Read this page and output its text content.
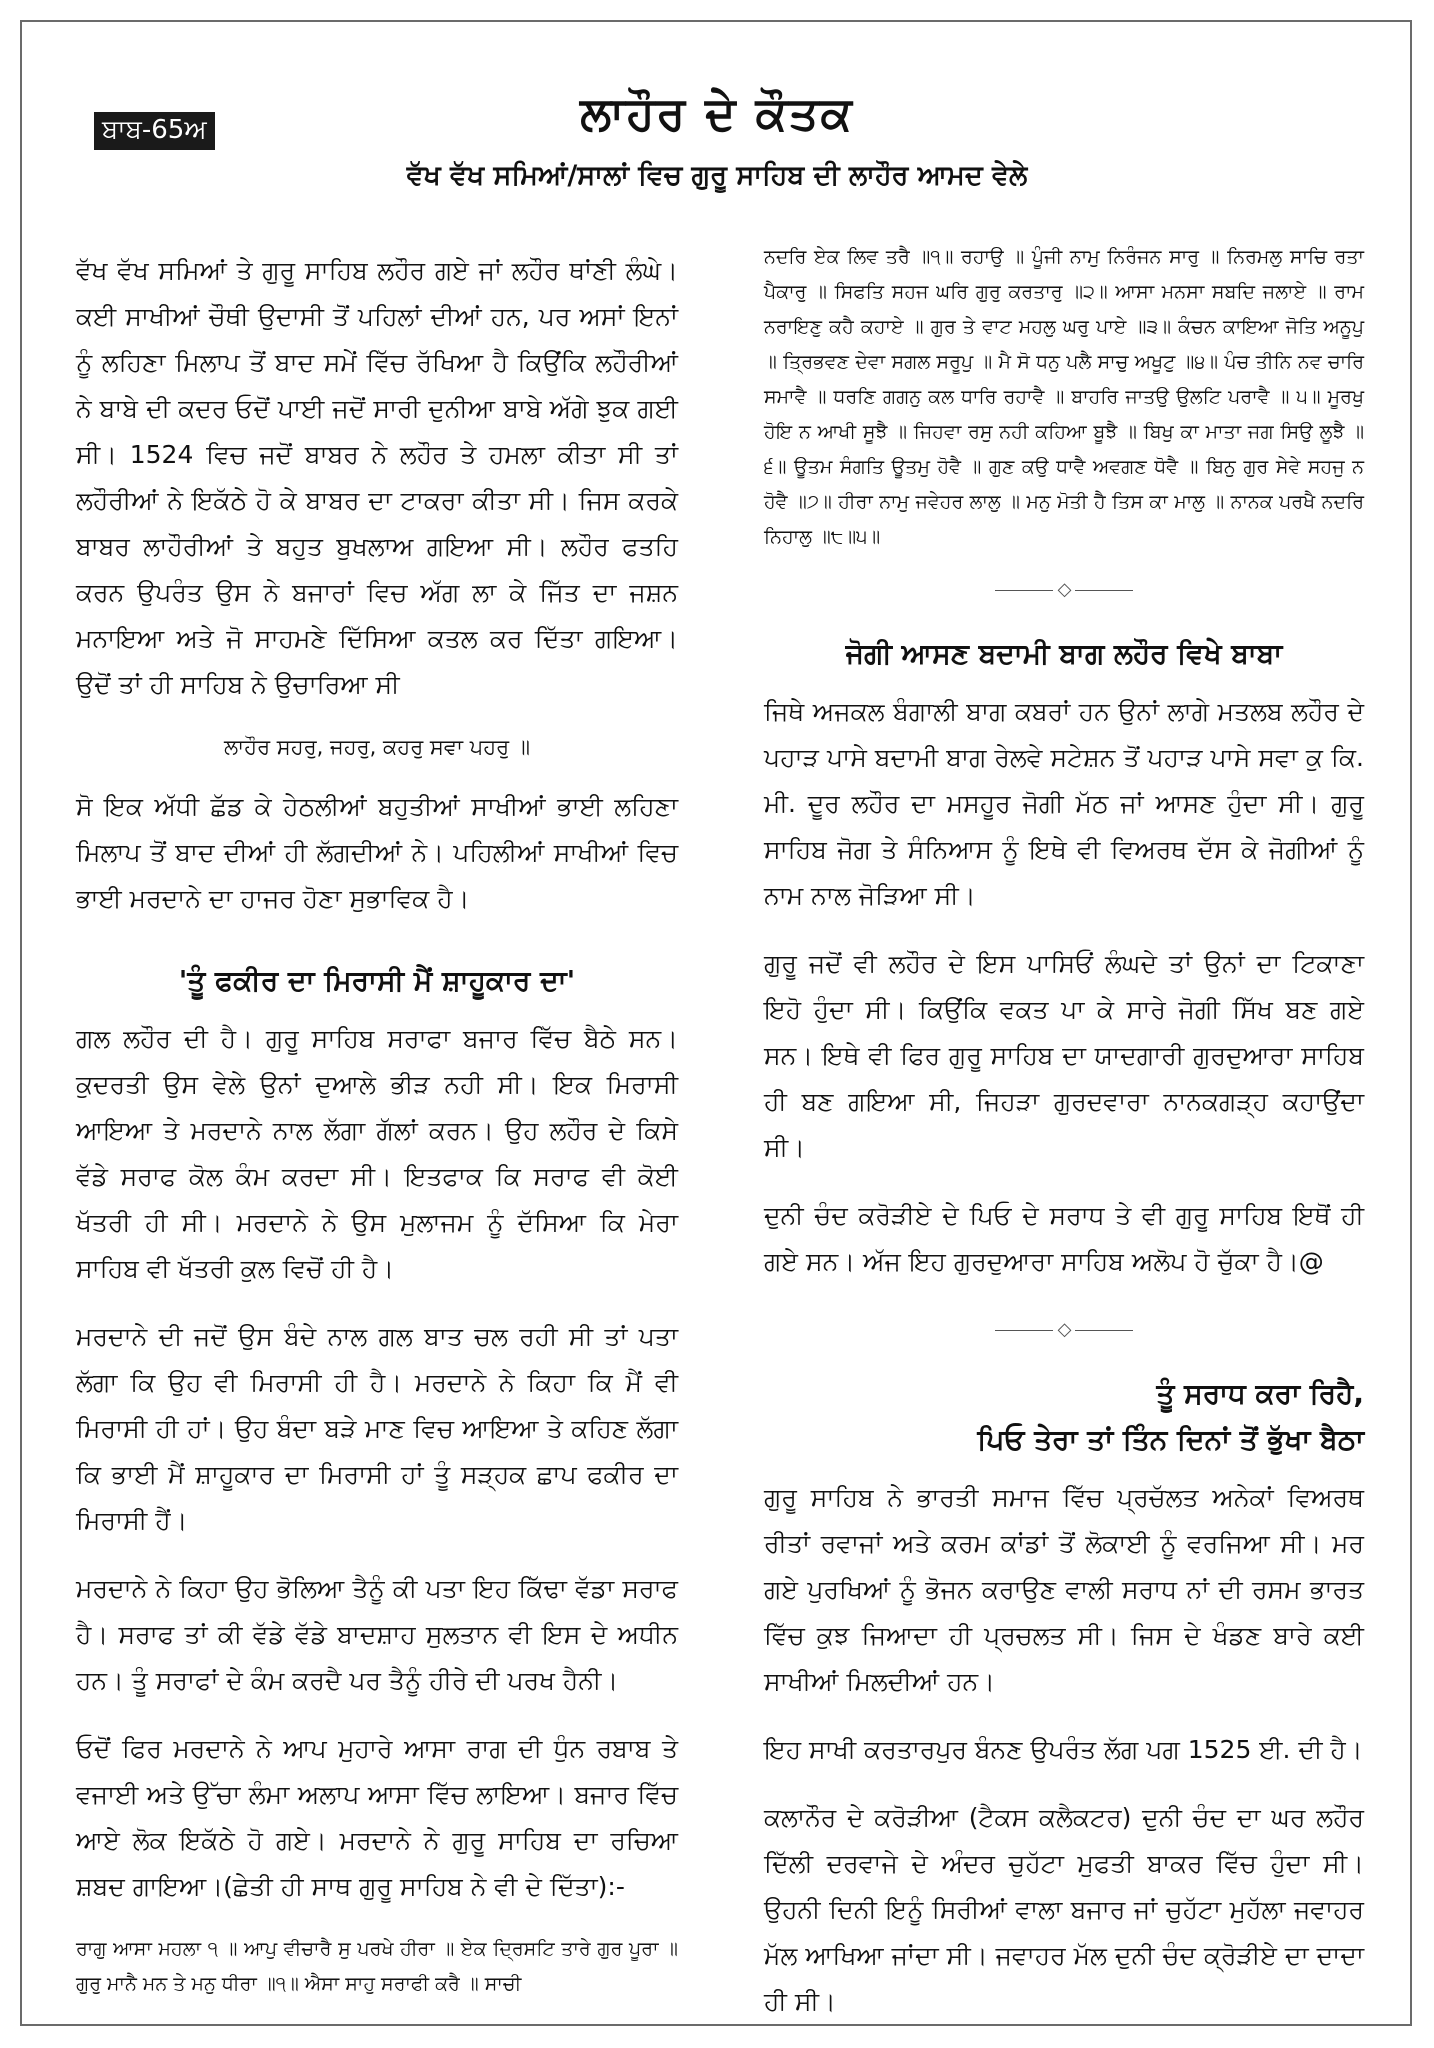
ਬਾਬ-65ਅ	ਲਾਹੌਰ ਦੇ ਕੌਤਕ
ਵੱਖ ਵੱਖ ਸਮਿਆਂ/ਸਾਲਾਂ ਵਿਚ ਗੁਰੂ ਸਾਹਿਬ ਦੀ ਲਾਹੌਰ ਆਮਦ ਵੇਲੇ

ਵੱਖ ਵੱਖ ਸਮਿਆਂ ਤੇ ਗੁਰੂ ਸਾਹਿਬ ਲਹੌਰ ਗਏ ਜਾਂ ਲਹੌਰ ਥਾਂਣੀ ਲੰਘੇ। ਕਈ ਸਾਖੀਆਂ ਚੌਥੀ ਉਦਾਸੀ ਤੋਂ ਪਹਿਲਾਂ ਦੀਆਂ ਹਨ, ਪਰ ਅਸਾਂ ਇਨਾਂ ਨੂੰ ਲਹਿਣਾ ਮਿਲਾਪ ਤੋਂ ਬਾਦ ਸਮੇਂ ਵਿੱਚ ਰੱਖਿਆ ਹੈ ਕਿਉਂਕਿ ਲਹੌਰੀਆਂ ਨੇ ਬਾਬੇ ਦੀ ਕਦਰ ਓਦੋਂ ਪਾਈ ਜਦੋਂ ਸਾਰੀ ਦੁਨੀਆ ਬਾਬੇ ਅੱਗੇ ਝੁਕ ਗਈ ਸੀ। 1524 ਵਿਚ ਜਦੋਂ ਬਾਬਰ ਨੇ ਲਹੌਰ ਤੇ ਹਮਲਾ ਕੀਤਾ ਸੀ ਤਾਂ ਲਹੌਰੀਆਂ ਨੇ ਇਕੱਠੇ ਹੋ ਕੇ ਬਾਬਰ ਦਾ ਟਾਕਰਾ ਕੀਤਾ ਸੀ। ਜਿਸ ਕਰਕੇ ਬਾਬਰ ਲਾਹੌਰੀਆਂ ਤੇ ਬਹੁਤ ਬੁਖਲਾਅ ਗਇਆ ਸੀ। ਲਹੌਰ ਫਤਹਿ ਕਰਨ ਉਪਰੰਤ ਉਸ ਨੇ ਬਜਾਰਾਂ ਵਿਚ ਅੱਗ ਲਾ ਕੇ ਜਿੱਤ ਦਾ ਜਸ਼ਨ ਮਨਾਇਆ ਅਤੇ ਜੋ ਸਾਹਮਣੇ ਦਿੱਸਿਆ ਕਤਲ ਕਰ ਦਿੱਤਾ ਗਇਆ। ਉਦੋਂ ਤਾਂ ਹੀ ਸਾਹਿਬ ਨੇ ਉਚਾਰਿਆ ਸੀ

ਲਾਹੌਰ ਸਹਰੁ, ਜਹਰੁ, ਕਹਰੁ ਸਵਾ ਪਹਰੁ ॥

ਸੋ ਇਕ ਅੱਧੀ ਛੱਡ ਕੇ ਹੇਠਲੀਆਂ ਬਹੁਤੀਆਂ ਸਾਖੀਆਂ ਭਾਈ ਲਹਿਣਾ ਮਿਲਾਪ ਤੋਂ ਬਾਦ ਦੀਆਂ ਹੀ ਲੱਗਦੀਆਂ ਨੇ। ਪਹਿਲੀਆਂ ਸਾਖੀਆਂ ਵਿਚ ਭਾਈ ਮਰਦਾਨੇ ਦਾ ਹਾਜਰ ਹੋਣਾ ਸੁਭਾਵਿਕ ਹੈ।

'ਤੂੰ ਫਕੀਰ ਦਾ ਮਿਰਾਸੀ ਮੈਂ ਸ਼ਾਹੂਕਾਰ ਦਾ'

ਗਲ ਲਹੌਰ ਦੀ ਹੈ। ਗੁਰੂ ਸਾਹਿਬ ਸਰਾਫਾ ਬਜਾਰ ਵਿੱਚ ਬੈਠੇ ਸਨ। ਕੁਦਰਤੀ ਉਸ ਵੇਲੇ ਉਨਾਂ ਦੁਆਲੇ ਭੀੜ ਨਹੀ ਸੀ। ਇਕ ਮਿਰਾਸੀ ਆਇਆ ਤੇ ਮਰਦਾਨੇ ਨਾਲ ਲੱਗਾ ਗੱਲਾਂ ਕਰਨ। ਉਹ ਲਹੌਰ ਦੇ ਕਿਸੇ ਵੱਡੇ ਸਰਾਫ ਕੋਲ ਕੰਮ ਕਰਦਾ ਸੀ। ਇਤਫਾਕ ਕਿ ਸਰਾਫ ਵੀ ਕੋਈ ਖੱਤਰੀ ਹੀ ਸੀ। ਮਰਦਾਨੇ ਨੇ ਉਸ ਮੁਲਾਜਮ ਨੂੰ ਦੱਸਿਆ ਕਿ ਮੇਰਾ ਸਾਹਿਬ ਵੀ ਖੱਤਰੀ ਕੁਲ ਵਿਚੋਂ ਹੀ ਹੈ।

ਮਰਦਾਨੇ ਦੀ ਜਦੋਂ ਉਸ ਬੰਦੇ ਨਾਲ ਗਲ ਬਾਤ ਚਲ ਰਹੀ ਸੀ ਤਾਂ ਪਤਾ ਲੱਗਾ ਕਿ ਉਹ ਵੀ ਮਿਰਾਸੀ ਹੀ ਹੈ। ਮਰਦਾਨੇ ਨੇ ਕਿਹਾ ਕਿ ਮੈਂ ਵੀ ਮਿਰਾਸੀ ਹੀ ਹਾਂ। ਉਹ ਬੰਦਾ ਬੜੇ ਮਾਣ ਵਿਚ ਆਇਆ ਤੇ ਕਹਿਣ ਲੱਗਾ ਕਿ ਭਾਈ ਮੈਂ ਸ਼ਾਹੂਕਾਰ ਦਾ ਮਿਰਾਸੀ ਹਾਂ ਤੂੰ ਸੜ੍ਹਕ ਛਾਪ ਫਕੀਰ ਦਾ ਮਿਰਾਸੀ ਹੈਂ।

ਮਰਦਾਨੇ ਨੇ ਕਿਹਾ ਉਹ ਭੋਲਿਆ ਤੈਨੂੰ ਕੀ ਪਤਾ ਇਹ ਕਿੱਢਾ ਵੱਡਾ ਸਰਾਫ ਹੈ। ਸਰਾਫ ਤਾਂ ਕੀ ਵੱਡੇ ਵੱਡੇ ਬਾਦਸ਼ਾਹ ਸੁਲਤਾਨ ਵੀ ਇਸ ਦੇ ਅਧੀਨ ਹਨ। ਤੂੰ ਸਰਾਫਾਂ ਦੇ ਕੰਮ ਕਰਦੈ ਪਰ ਤੈਨੂੰ ਹੀਰੇ ਦੀ ਪਰਖ ਹੈਨੀ।

ਓਦੋਂ ਫਿਰ ਮਰਦਾਨੇ ਨੇ ਆਪ ਮੁਹਾਰੇ ਆਸਾ ਰਾਗ ਦੀ ਧੁੰਨ ਰਬਾਬ ਤੇ ਵਜਾਈ ਅਤੇ ਉੱਚਾ ਲੰਮਾ ਅਲਾਪ ਆਸਾ ਵਿੱਚ ਲਾਇਆ। ਬਜਾਰ ਵਿੱਚ ਆਏ ਲੋਕ ਇਕੱਠੇ ਹੋ ਗਏ। ਮਰਦਾਨੇ ਨੇ ਗੁਰੂ ਸਾਹਿਬ ਦਾ ਰਚਿਆ ਸ਼ਬਦ ਗਾਇਆ।(ਛੇਤੀ ਹੀ ਸਾਥ ਗੁਰੂ ਸਾਹਿਬ ਨੇ ਵੀ ਦੇ ਦਿੱਤਾ):-

ਰਾਗੁ ਆਸਾ ਮਹਲਾ ੧ ॥ ਆਪੁ ਵੀਚਾਰੈ ਸੁ ਪਰਖੇ ਹੀਰਾ ॥ ਏਕ ਦ੍ਰਿਸਟਿ ਤਾਰੇ ਗੁਰ ਪੂਰਾ ॥ ਗੁਰੁ ਮਾਨੈ ਮਨ ਤੇ ਮਨੁ ਧੀਰਾ ॥੧॥ ਐਸਾ ਸਾਹੁ ਸਰਾਫੀ ਕਰੈ ॥ ਸਾਚੀ
ਨਦਰਿ ਏਕ ਲਿਵ ਤਰੈ ॥੧॥ ਰਹਾਉ ॥ ਪੂੰਜੀ ਨਾਮੁ ਨਿਰੰਜਨ ਸਾਰੁ ॥ ਨਿਰਮਲੁ ਸਾਚਿ ਰਤਾ ਪੈਕਾਰੁ ॥ ਸਿਫਤਿ ਸਹਜ ਘਰਿ ਗੁਰੁ ਕਰਤਾਰੁ ॥੨॥ ਆਸਾ ਮਨਸਾ ਸਬਦਿ ਜਲਾਏ ॥ ਰਾਮ ਨਰਾਇਣੁ ਕਹੈ ਕਹਾਏ ॥ ਗੁਰ ਤੇ ਵਾਟ ਮਹਲੁ ਘਰੁ ਪਾਏ ॥੩॥ ਕੰਚਨ ਕਾਇਆ ਜੋਤਿ ਅਨੂਪੁ ॥ ਤ੍ਰਿਭਵਣ ਦੇਵਾ ਸਗਲ ਸਰੂਪੁ ॥ ਮੈ ਸੋ ਧਨੁ ਪਲੈ ਸਾਚੁ ਅਖੂਟੁ ॥੪॥ ਪੰਚ ਤੀਨਿ ਨਵ ਚਾਰਿ ਸਮਾਵੈ ॥ ਧਰਣਿ ਗਗਨੁ ਕਲ ਧਾਰਿ ਰਹਾਵੈ ॥ ਬਾਹਰਿ ਜਾਤਉ ਉਲਟਿ ਪਰਾਵੈ ॥ ੫॥ ਮੂਰਖੁ ਹੋਇ ਨ ਆਖੀ ਸੂਝੈ ॥ ਜਿਹਵਾ ਰਸੁ ਨਹੀ ਕਹਿਆ ਬੂਝੈ ॥ ਬਿਖੁ ਕਾ ਮਾਤਾ ਜਗ ਸਿਉ ਲੂਝੈ ॥੬॥ ਊਤਮ ਸੰਗਤਿ ਊਤਮੁ ਹੋਵੈ ॥ ਗੁਣ ਕਉ ਧਾਵੈ ਅਵਗਣ ਧੋਵੈ ॥ ਬਿਨੁ ਗੁਰ ਸੇਵੇ ਸਹਜੁ ਨ ਹੋਵੈ ॥੭॥ ਹੀਰਾ ਨਾਮੁ ਜਵੇਹਰ ਲਾਲੁ ॥ ਮਨੁ ਮੋਤੀ ਹੈ ਤਿਸ ਕਾ ਮਾਲੁ ॥ ਨਾਨਕ ਪਰਖੈ ਨਦਰਿ ਨਿਹਾਲੁ ॥੮॥੫॥
◇
ਜੋਗੀ ਆਸਣ ਬਦਾਮੀ ਬਾਗ ਲਹੌਰ ਵਿਖੇ ਬਾਬਾ

ਜਿਥੇ ਅਜਕਲ ਬੰਗਾਲੀ ਬਾਗ ਕਬਰਾਂ ਹਨ ਉਨਾਂ ਲਾਗੇ ਮਤਲਬ ਲਹੌਰ ਦੇ ਪਹਾੜ ਪਾਸੇ ਬਦਾਮੀ ਬਾਗ ਰੇਲਵੇ ਸਟੇਸ਼ਨ ਤੋਂ ਪਹਾੜ ਪਾਸੇ ਸਵਾ ਕੁ ਕਿ. ਮੀ. ਦੂਰ ਲਹੌਰ ਦਾ ਮਸਹੂਰ ਜੋਗੀ ਮੱਠ ਜਾਂ ਆਸਣ ਹੁੰਦਾ ਸੀ। ਗੁਰੂ ਸਾਹਿਬ ਜੋਗ ਤੇ ਸੰਨਿਆਸ ਨੂੰ ਇਥੇ ਵੀ ਵਿਅਰਥ ਦੱਸ ਕੇ ਜੋਗੀਆਂ ਨੂੰ ਨਾਮ ਨਾਲ ਜੋੜਿਆ ਸੀ।

ਗੁਰੂ ਜਦੋਂ ਵੀ ਲਹੌਰ ਦੇ ਇਸ ਪਾਸਿਓਂ ਲੰਘਦੇ ਤਾਂ ਉਨਾਂ ਦਾ ਟਿਕਾਣਾ ਇਹੋ ਹੁੰਦਾ ਸੀ। ਕਿਉਂਕਿ ਵਕਤ ਪਾ ਕੇ ਸਾਰੇ ਜੋਗੀ ਸਿੱਖ ਬਣ ਗਏ ਸਨ। ਇਥੇ ਵੀ ਫਿਰ ਗੁਰੂ ਸਾਹਿਬ ਦਾ ਯਾਦਗਾਰੀ ਗੁਰਦੁਆਰਾ ਸਾਹਿਬ ਹੀ ਬਣ ਗਇਆ ਸੀ, ਜਿਹੜਾ ਗੁਰਦਵਾਰਾ ਨਾਨਕਗੜ੍ਹ ਕਹਾਉਂਦਾ ਸੀ।

ਦੁਨੀ ਚੰਦ ਕਰੋੜੀਏ ਦੇ ਪਿਓ ਦੇ ਸਰਾਧ ਤੇ ਵੀ ਗੁਰੂ ਸਾਹਿਬ ਇਥੋਂ ਹੀ ਗਏ ਸਨ। ਅੱਜ ਇਹ ਗੁਰਦੁਆਰਾ ਸਾਹਿਬ ਅਲੋਪ ਹੋ ਚੁੱਕਾ ਹੈ।@

◇
ਤੂੰ ਸਰਾਧ ਕਰਾ ਰਿਹੈ,
ਪਿਓ ਤੇਰਾ ਤਾਂ ਤਿੰਨ ਦਿਨਾਂ ਤੋਂ ਭੁੱਖਾ ਬੈਠਾ

ਗੁਰੂ ਸਾਹਿਬ ਨੇ ਭਾਰਤੀ ਸਮਾਜ ਵਿੱਚ ਪ੍ਰਚੱਲਤ ਅਨੇਕਾਂ ਵਿਅਰਥ ਰੀਤਾਂ ਰਵਾਜਾਂ ਅਤੇ ਕਰਮ ਕਾਂਡਾਂ ਤੋਂ ਲੋਕਾਈ ਨੂੰ ਵਰਜਿਆ ਸੀ। ਮਰ ਗਏ ਪੁਰਖਿਆਂ ਨੂੰ ਭੋਜਨ ਕਰਾਉਣ ਵਾਲੀ ਸਰਾਧ ਨਾਂ ਦੀ ਰਸਮ ਭਾਰਤ ਵਿੱਚ ਕੁਝ ਜਿਆਦਾ ਹੀ ਪ੍ਰਚਲਤ ਸੀ। ਜਿਸ ਦੇ ਖੰਡਣ ਬਾਰੇ ਕਈ ਸਾਖੀਆਂ ਮਿਲਦੀਆਂ ਹਨ।

ਇਹ ਸਾਖੀ ਕਰਤਾਰਪੁਰ ਬੰਨਣ ਉਪਰੰਤ ਲੱਗ ਪਗ 1525 ਈ. ਦੀ ਹੈ।

ਕਲਾਨੌਰ ਦੇ ਕਰੋੜੀਆ (ਟੈਕਸ ਕਲੈਕਟਰ) ਦੁਨੀ ਚੰਦ ਦਾ ਘਰ ਲਹੌਰ ਦਿੱਲੀ ਦਰਵਾਜੇ ਦੇ ਅੰਦਰ ਚੁਹੱਟਾ ਮੁਫਤੀ ਬਾਕਰ ਵਿੱਚ ਹੁੰਦਾ ਸੀ। ਉਹਨੀ ਦਿਨੀ ਇਨੂੰ ਸਿਰੀਆਂ ਵਾਲਾ ਬਜਾਰ ਜਾਂ ਚੁਹੱਟਾ ਮੁਹੱਲਾ ਜਵਾਹਰ ਮੱਲ ਆਖਿਆ ਜਾਂਦਾ ਸੀ। ਜਵਾਹਰ ਮੱਲ ਦੁਨੀ ਚੰਦ ਕ੍ਰੋੜੀਏ ਦਾ ਦਾਦਾ ਹੀ ਸੀ।
